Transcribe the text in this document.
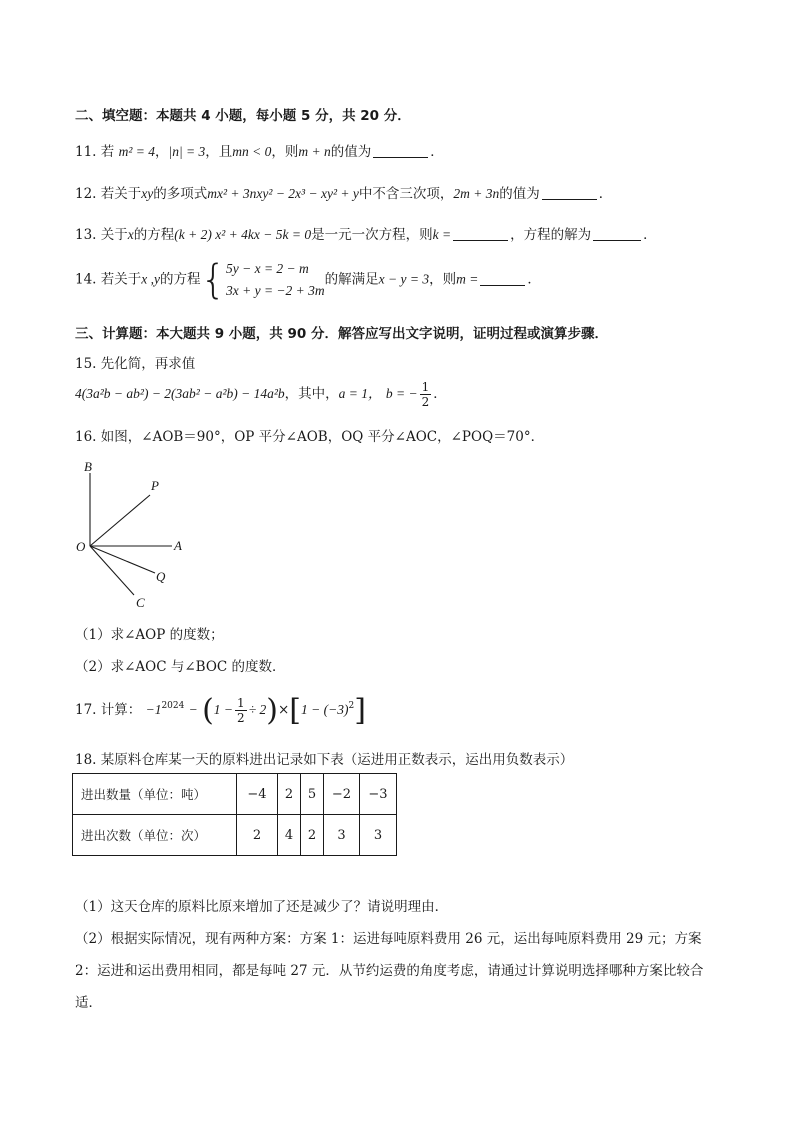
二、填空题：本题共 4 小题，每小题 5 分，共 20 分．
11. 若 m² = 4，|n| = 3，且mn < 0，则m + n的值为	．
12. 若关于xy的多项式mx² + 3nxy² − 2x³ − xy² + y中不含三次项，2m + 3n的值为	．
13. 关于x的方程(k + 2) x² + 4kx − 5k = 0是一元一次方程，则k =	，方程的解为	．
14. 若关于x ,y的方程{ 5y − x = 2 − m
3x + y = −2 + 3m
的解满足x − y = 3，则m =	．
三、计算题：本大题共 9 小题，共 90 分．解答应写出文字说明，证明过程或演算步骤．
15. 先化简，再求值
4(3a²b − ab²) − 2(3ab² − a²b) − 14a²b，其中，a = 1， b = − $\frac{1}{2}$ ．
16. 如图，∠AOB＝90°，OP 平分∠AOB，OQ 平分∠AOC，∠POQ＝70°．
B
P
O	A
Q
C
（1）求∠AOP 的度数；
（2）求∠AOC 与∠BOC 的度数．
17. 计算： $-1^{2024} - (1 - \frac{1}{2} \div 2)\times[1 - (-3)^2]$
18. 某原料仓库某一天的原料进出记录如下表（运进用正数表示，运出用负数表示）
进出数量（单位：吨）	−4	2	5	−2	−3
进出次数（单位：次）	2	4	2	3	3
（1）这天仓库的原料比原来增加了还是减少了？请说明理由．
（2）根据实际情况，现有两种方案：方案 1：运进每吨原料费用 26 元，运出每吨原料费用 29 元；方案
2：运进和运出费用相同，都是每吨 27 元．从节约运费的角度考虑，请通过计算说明选择哪种方案比较合
适．
